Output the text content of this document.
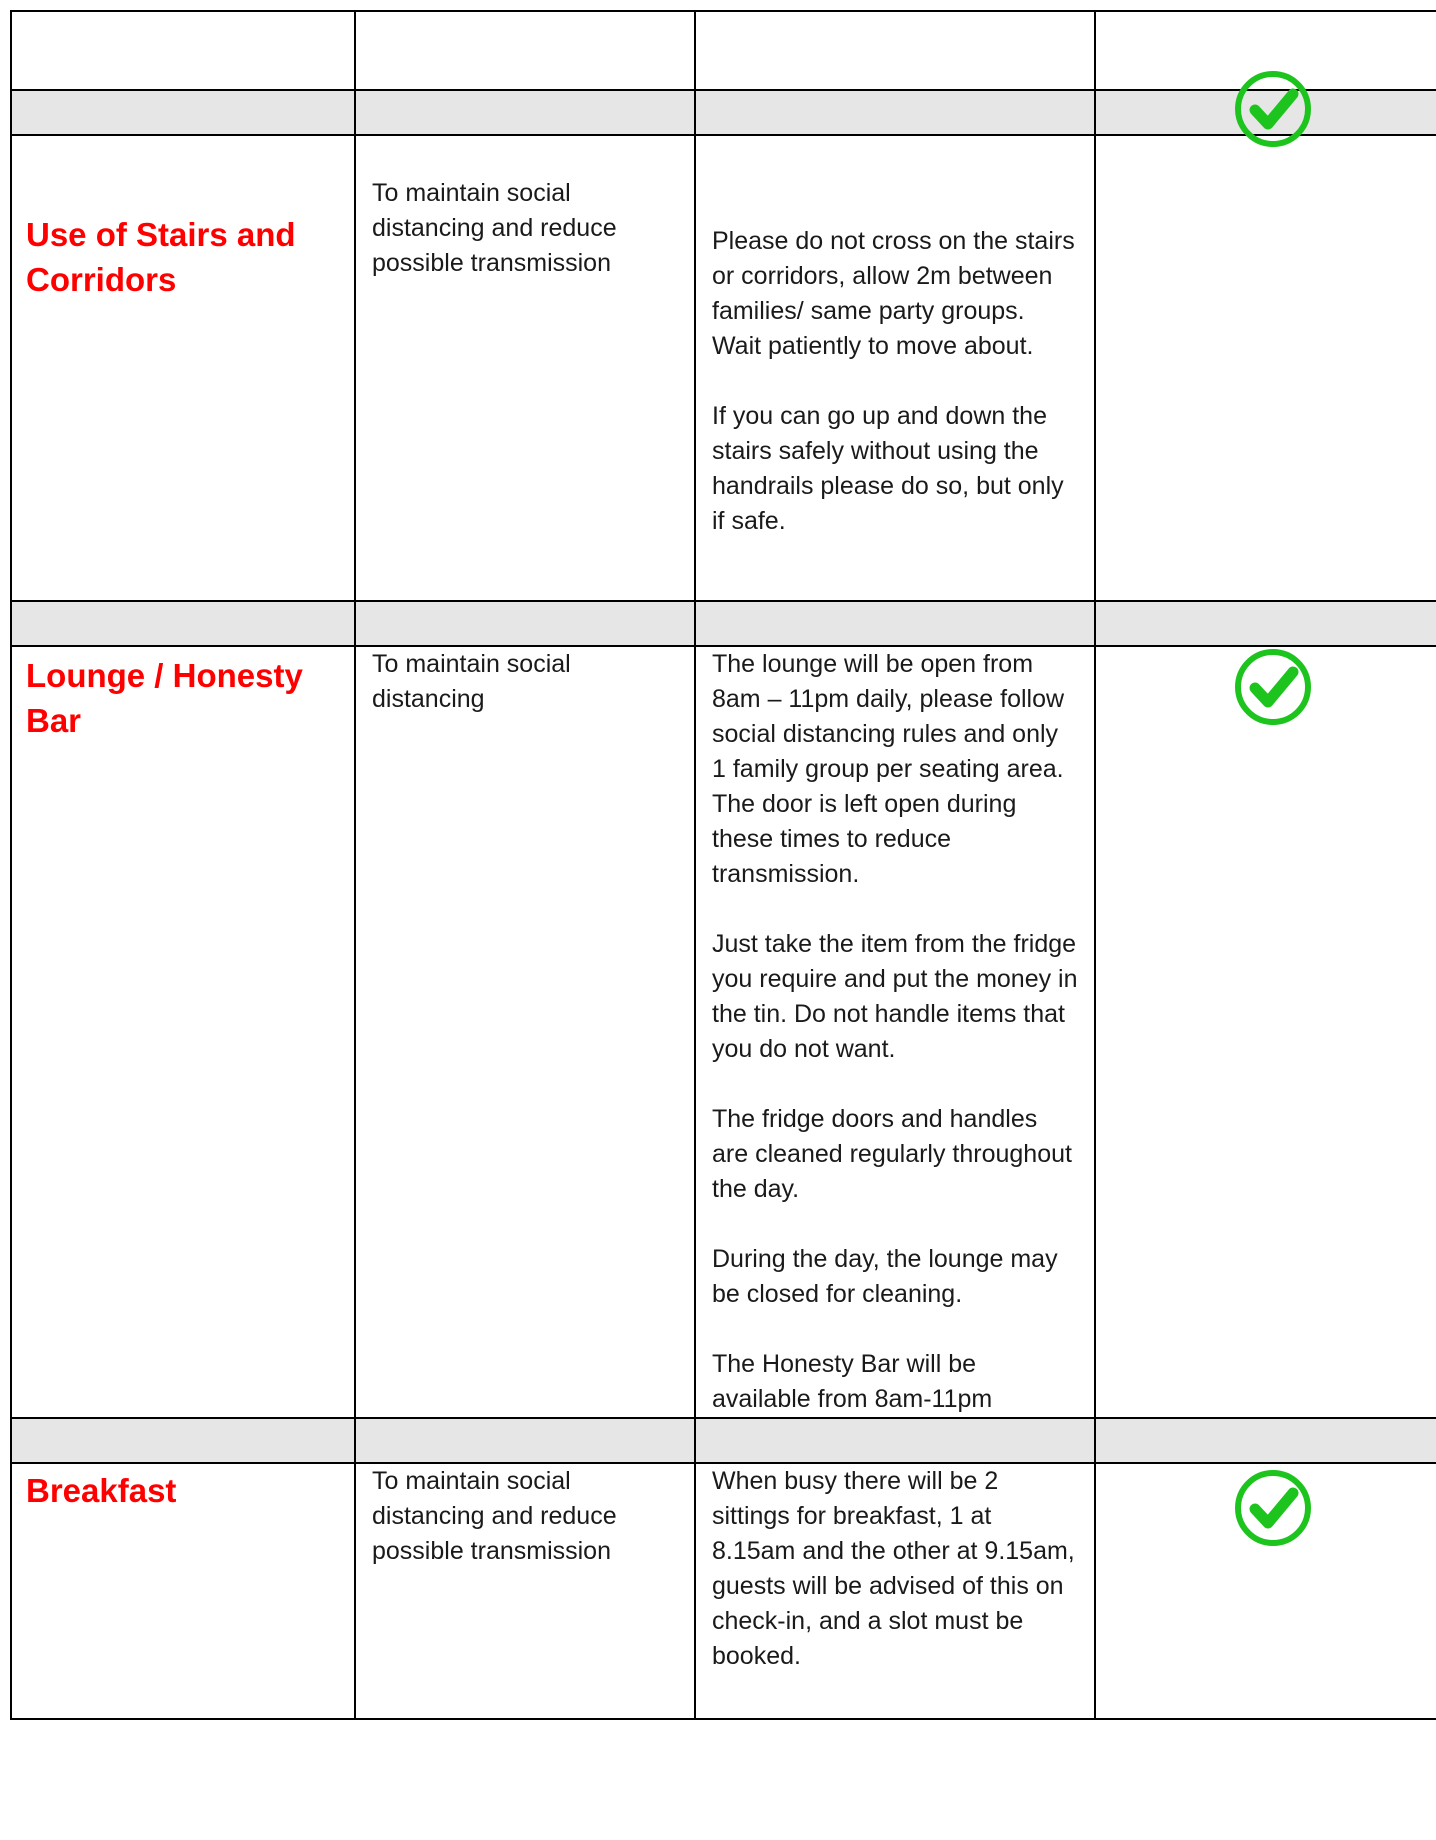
Use of Stairs and Corridors	To maintain social distancing and reduce possible transmission	Please do not cross on the stairs or corridors, allow 2m between families/ same party groups. Wait patiently to move about.

If you can go up and down the stairs safely without using the handrails please do so, but only if safe.

Lounge / Honesty Bar	To maintain social distancing	The lounge will be open from 8am – 11pm daily, please follow social distancing rules and only 1 family group per seating area. The door is left open during these times to reduce transmission.

Just take the item from the fridge you require and put the money in the tin. Do not handle items that you do not want.

The fridge doors and handles are cleaned regularly throughout the day.

During the day, the lounge may be closed for cleaning.

The Honesty Bar will be available from 8am-11pm

Breakfast	To maintain social distancing and reduce possible transmission	When busy there will be 2 sittings for breakfast, 1 at 8.15am and the other at 9.15am, guests will be advised of this on check-in, and a slot must be booked.
